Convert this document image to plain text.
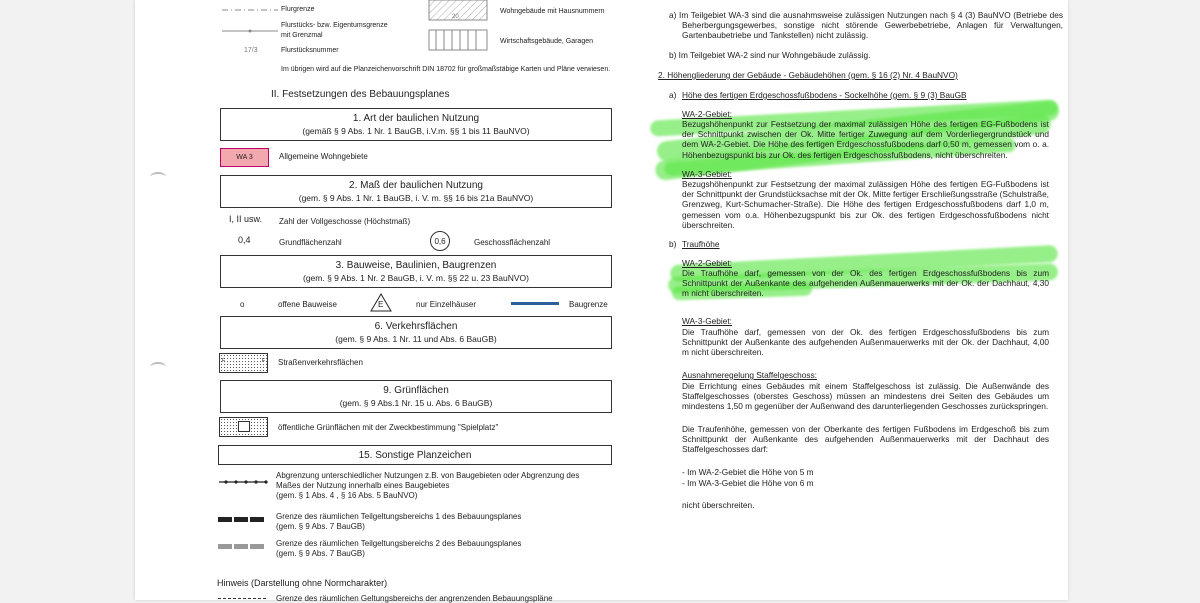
17/3
Flurgrenze
Flurstücks- bzw. Eigentumsgrenze
mit Grenzmal
Flurstücksnummer
20
Wohngebäude mit Hausnummern
Wirtschaftsgebäude, Garagen
Im übrigen wird auf die Planzeichenvorschrift DIN 18702 für großmaßstäbige Karten und Pläne verwiesen.
II. Festsetzungen des Bebauungsplanes
1. Art der baulichen Nutzung
(gemäß § 9 Abs. 1 Nr. 1 BauGB, i.V.m. §§ 1 bis 11 BauNVO)
WA 3	Allgemeine Wohngebiete
2. Maß der baulichen Nutzung
(gem. § 9 Abs. 1 Nr. 1 BauGB, i. V. m. §§ 16 bis 21a BauNVO)
I, II usw. Zahl der Vollgeschosse (Höchstmaß)
0,4	Grundflächenzahl	0,6	Geschossflächenzahl
3. Bauweise, Baulinien, Baugrenzen
(gem. § 9 Abs. 1 Nr. 2 BauGB, i. V. m. §§ 22 u. 23 BauNVO)
o	offene Bauweise	E	nur Einzelhäuser	Baugrenze
6. Verkehrsflächen
(gem. § 9 Abs. 1 Nr. 11 und Abs. 6 BauGB)
F	F Straßenverkehrsflächen
9. Grünflächen
(gem. § 9 Abs.1 Nr. 15 u. Abs. 6 BauGB)
öffentliche Grünflächen mit der Zweckbestimmung "Spielplatz"
15. Sonstige Planzeichen
Abgrenzung unterschiedlicher Nutzungen z.B. von Baugebieten oder Abgrenzung des
Maßes der Nutzung innerhalb eines Baugebietes
(gem. § 1 Abs. 4 , § 16 Abs. 5 BauNVO)
Grenze des räumlichen Teilgeltungsbereichs 1 des Bebauungsplanes
(gem. § 9 Abs. 7 BauGB)
Grenze des räumlichen Teilgeltungsbereichs 2 des Bebauungsplanes
(gem. § 9 Abs. 7 BauGB)
Hinweis (Darstellung ohne Normcharakter)
Grenze des räumlichen Geltungsbereichs der angrenzenden Bebauungspläne
a) Im Teilgebiet WA-3 sind die ausnahmsweise zulässigen Nutzungen nach § 4 (3) BauNVO (Betriebe des Beherbergungsgewerbes, sonstige nicht störende Gewerbebetriebe, Anlagen für Verwaltungen, Gartenbaubetriebe und Tankstellen) nicht zulässig.
b) Im Teilgebiet WA-2 sind nur Wohngebäude zulässig.
2. Höhengliederung der Gebäude - Gebäudehöhen (gem. § 16 (2) Nr. 4 BauNVO)
a) Höhe des fertigen Erdgeschossfußbodens - Sockelhöhe (gem. § 9 (3) BauGB
WA-2-Gebiet:
Bezugshöhenpunkt zur Festsetzung der maximal zulässigen Höhe des fertigen EG-Fußbodens ist der Schnittpunkt zwischen der Ok. Mitte fertiger Zuwegung auf dem Vorderliegergrundstück und dem WA-2-Gebiet. Die Höhe des fertigen Erdgeschossfußbodens darf 0,50 m, gemessen vom o. a. Höhenbezugspunkt bis zur Ok. des fertigen Erdgeschossfußbodens, nicht überschreiten.
WA-3-Gebiet:
Bezugshöhenpunkt zur Festsetzung der maximal zulässigen Höhe des fertigen EG-Fußbodens ist der Schnittpunkt der Grundstücksachse mit der Ok. Mitte fertiger Erschließungsstraße (Schulstraße, Grenzweg, Kurt-Schumacher-Straße). Die Höhe des fertigen Erdgeschossfußbodens darf 1,0 m, gemessen vom o.a. Höhenbezugspunkt bis zur Ok. des fertigen Erdgeschossfußbodens nicht überschreiten.
b) Traufhöhe
WA-2-Gebiet:
Die Traufhöhe darf, gemessen von der Ok. des fertigen Erdgeschossfußbodens bis zum Schnittpunkt der Außenkante des aufgehenden Außenmauerwerks mit der Ok. der Dachhaut, 4,30 m nicht überschreiten.
WA-3-Gebiet:
Die Traufhöhe darf, gemessen von der Ok. des fertigen Erdgeschossfußbodens bis zum Schnittpunkt der Außenkante des aufgehenden Außenmauerwerks mit der Ok. der Dachhaut, 4,00 m nicht überschreiten.
Ausnahmeregelung Staffelgeschoss:
Die Errichtung eines Gebäudes mit einem Staffelgeschoss ist zulässig. Die Außenwände des Staffelgeschosses (oberstes Geschoss) müssen an mindestens drei Seiten des Gebäudes um mindestens 1,50 m gegenüber der Außenwand des darunterliegenden Geschosses zurückspringen.
Die Traufenhöhe, gemessen von der Oberkante des fertigen Fußbodens im Erdgeschoß bis zum Schnittpunkt der Außenkante des aufgehenden Außenmauerwerks mit der Dachhaut des Staffelgeschosses darf:
- Im WA-2-Gebiet die Höhe von 5 m
- Im WA-3-Gebiet die Höhe von 6 m
nicht überschreiten.
